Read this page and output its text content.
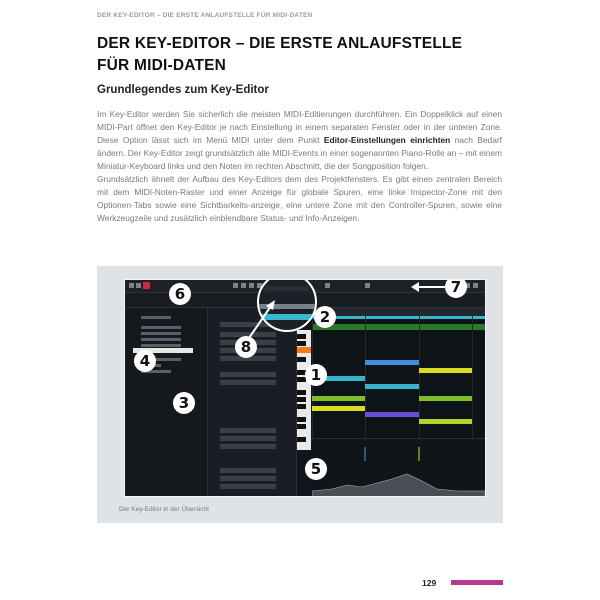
DER KEY-EDITOR – DIE ERSTE ANLAUFSTELLE FÜR MIDI-DATEN
DER KEY-EDITOR – DIE ERSTE ANLAUFSTELLE FÜR MIDI-DATEN
Grundlegendes zum Key-Editor

Im Key-Editor werden Sie sicherlich die meisten MIDI-Editierungen durchführen. Ein Doppelklick auf einen MIDI-Part öffnet den Key-Editor je nach Einstellung in einem separaten Fenster oder in der unteren Zone. Diese Option lässt sich im Menü MIDI unter dem Punkt Editor-Einstellungen einrichten nach Bedarf ändern. Der Key-Editor zeigt grundsätzlich alle MIDI-Events in einer sogenannten Piano-Rolle an – mit einem Miniatur-Keyboard links und den Noten im rechten Abschnitt, die der Songposition folgen.

Grundsätzlich ähnelt der Aufbau des Key-Editors dem des Projektfensters. Es gibt einen zentralen Bereich mit dem MIDI-Noten-Raster und einer Anzeige für globale Spuren, eine linke Inspector-Zone mit den Optionen-Tabs sowie eine Sichtbarkeits-anzeige, eine untere Zone mit den Controller-Spuren, sowie eine Werkzeugzeile und zusätzlich einblendbare Status- und Info-Anzeigen.

6	7
2
8
1
4
3
5
Der Key-Editor in der Übersicht
129
